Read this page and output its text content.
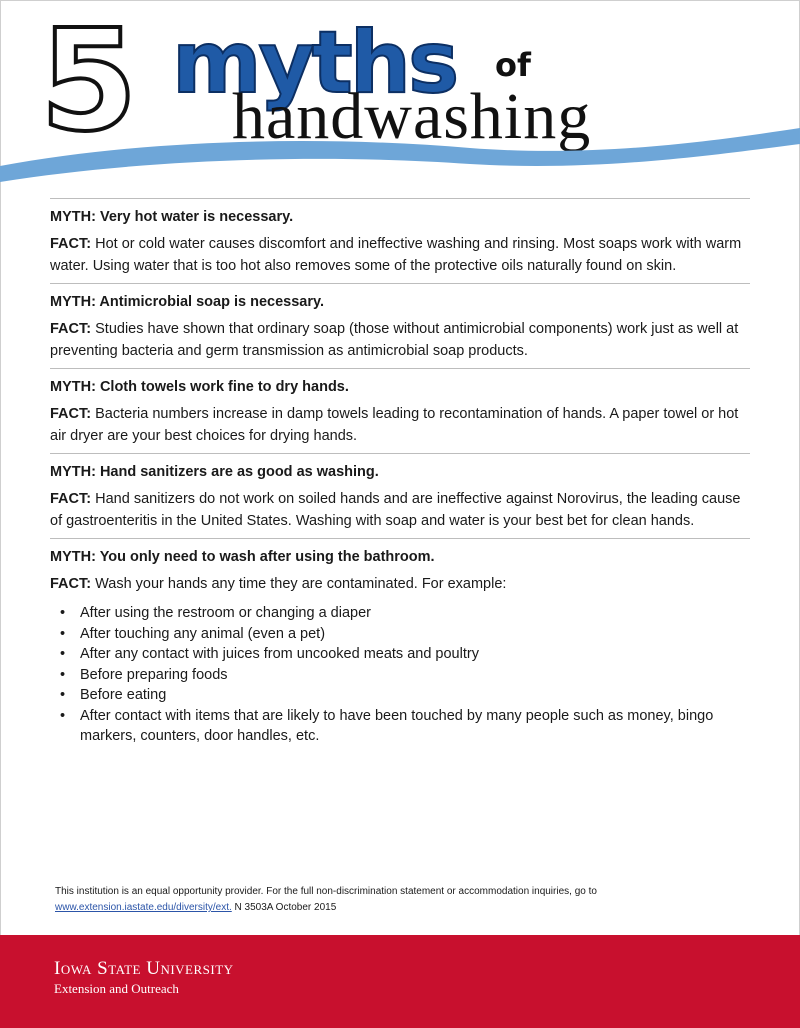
5 myths of
handwashing
MYTH: Very hot water is necessary.
FACT: Hot or cold water causes discomfort and ineffective washing and rinsing. Most soaps work with warm water. Using water that is too hot also removes some of the protective oils naturally found on skin.
MYTH: Antimicrobial soap is necessary.
FACT: Studies have shown that ordinary soap (those without antimicrobial components) work just as well at preventing bacteria and germ transmission as antimicrobial soap products.
MYTH: Cloth towels work fine to dry hands.
FACT: Bacteria numbers increase in damp towels leading to recontamination of hands. A paper towel or hot air dryer are your best choices for drying hands.
MYTH: Hand sanitizers are as good as washing.
FACT: Hand sanitizers do not work on soiled hands and are ineffective against Norovirus, the leading cause of gastroenteritis in the United States. Washing with soap and water is your best bet for clean hands.
MYTH: You only need to wash after using the bathroom.
FACT: Wash your hands any time they are contaminated. For example:
• After using the restroom or changing a diaper
• After touching any animal (even a pet)
• After any contact with juices from uncooked meats and poultry
• Before preparing foods
• Before eating
• After contact with items that are likely to have been touched by many people such as money, bingo markers, counters, door handles, etc.
This institution is an equal opportunity provider. For the full non-discrimination statement or accommodation inquiries, go to
www.extension.iastate.edu/diversity/ext. N 3503A October 2015
Iowa State University
Extension and Outreach
